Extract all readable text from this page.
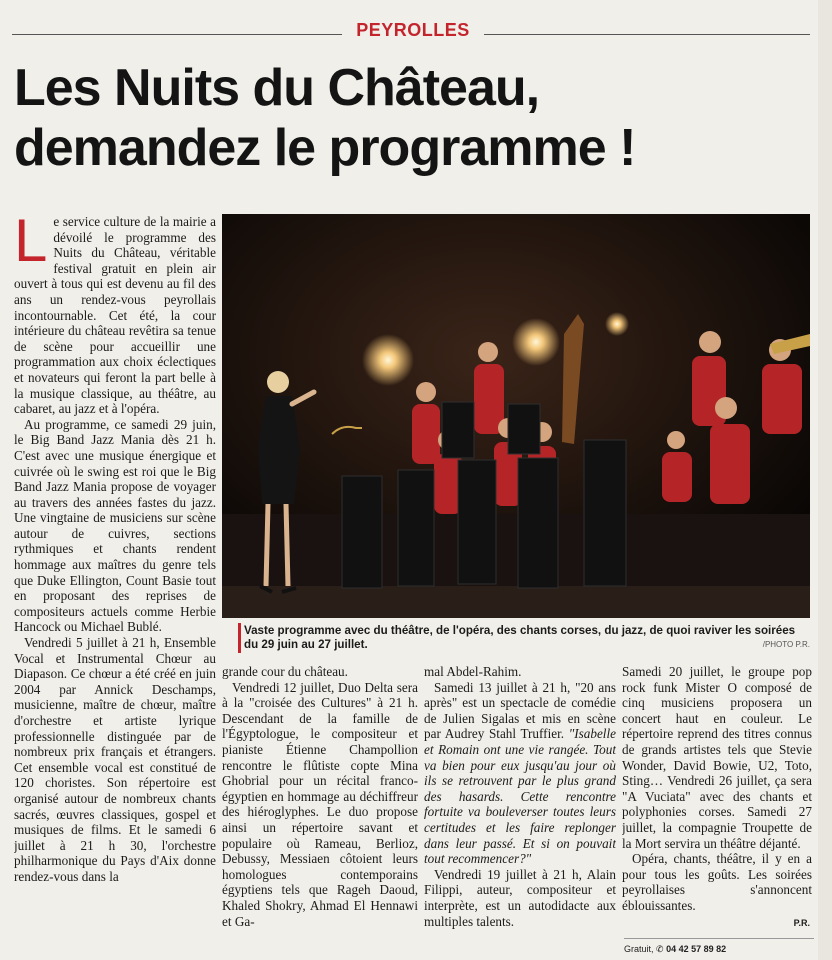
PEYROLLES
Les Nuits du Château,
demandez le programme !

Le service culture de la mairie a dévoilé le programme des Nuits du Château, véritable festival gratuit en plein air ouvert à tous qui est devenu au fil des ans un rendez-vous peyrollais incontournable. Cet été, la cour intérieure du château revêtira sa tenue de scène pour accueillir une programmation aux choix éclectiques et novateurs qui feront la part belle à la musique classique, au théâtre, au cabaret, au jazz et à l'opéra.

Au programme, ce samedi 29 juin, le Big Band Jazz Mania dès 21 h. C'est avec une musique énergique et cuivrée où le swing est roi que le Big Band Jazz Mania propose de voyager au travers des années fastes du jazz. Une vingtaine de musiciens sur scène autour de cuivres, sections rythmiques et chants rendent hommage aux maîtres du genre tels que Duke Ellington, Count Basie tout en proposant des reprises de compositeurs actuels comme Herbie Hancock ou Michael Bublé.

Vendredi 5 juillet à 21 h, Ensemble Vocal et Instrumental Chœur au Diapason. Ce chœur a été créé en juin 2004 par Annick Deschamps, musicienne, maître de chœur, maître d'orchestre et artiste lyrique professionnelle distinguée par de nombreux prix français et étrangers. Cet ensemble vocal est constitué de 120 choristes. Son répertoire est organisé autour de nombreux chants sacrés, œuvres classiques, gospel et musiques de films. Et le samedi 6 juillet à 21 h 30, l'orchestre philharmonique du Pays d'Aix donne rendez-vous dans la

Vaste programme avec du théâtre, de l'opéra, des chants corses, du jazz, de quoi raviver les soirées du 29 juin au 27 juillet.	/PHOTO P.R.

grande cour du château.

Vendredi 12 juillet, Duo Delta sera à la "croisée des Cultures" à 21 h. Descendant de la famille de l'Égyptologue, le compositeur et pianiste Étienne Champollion rencontre le flûtiste copte Mina Ghobrial pour un récital franco-égyptien en hommage au déchiffreur des hiéroglyphes. Le duo propose ainsi un répertoire savant et populaire où Rameau, Berlioz, Debussy, Messiaen côtoient leurs homologues contemporains égyptiens tels que Rageh Daoud, Khaled Shokry, Ahmad El Hennawi et Ga-

mal Abdel-Rahim.

Samedi 13 juillet à 21 h, "20 ans après" est un spectacle de comédie de Julien Sigalas et mis en scène par Audrey Stahl Truffier. "Isabelle et Romain ont une vie rangée. Tout va bien pour eux jusqu'au jour où ils se retrouvent par le plus grand des hasards. Cette rencontre fortuite va bouleverser toutes leurs certitudes et les faire replonger dans leur passé. Et si on pouvait tout recommencer?"

Vendredi 19 juillet à 21 h, Alain Filippi, auteur, compositeur et interprète, est un autodidacte aux multiples talents.

Samedi 20 juillet, le groupe pop rock funk Mister O composé de cinq musiciens proposera un concert haut en couleur. Le répertoire reprend des titres connus de grands artistes tels que Stevie Wonder, David Bowie, U2, Toto, Sting… Vendredi 26 juillet, ça sera "A Vuciata" avec des chants et polyphonies corses. Samedi 27 juillet, la compagnie Troupette de la Mort servira un théâtre déjanté.

Opéra, chants, théâtre, il y en a pour tous les goûts. Les soirées peyrollaises s'annoncent éblouissantes.

P.R.

Gratuit, ✆ 04 42 57 89 82
